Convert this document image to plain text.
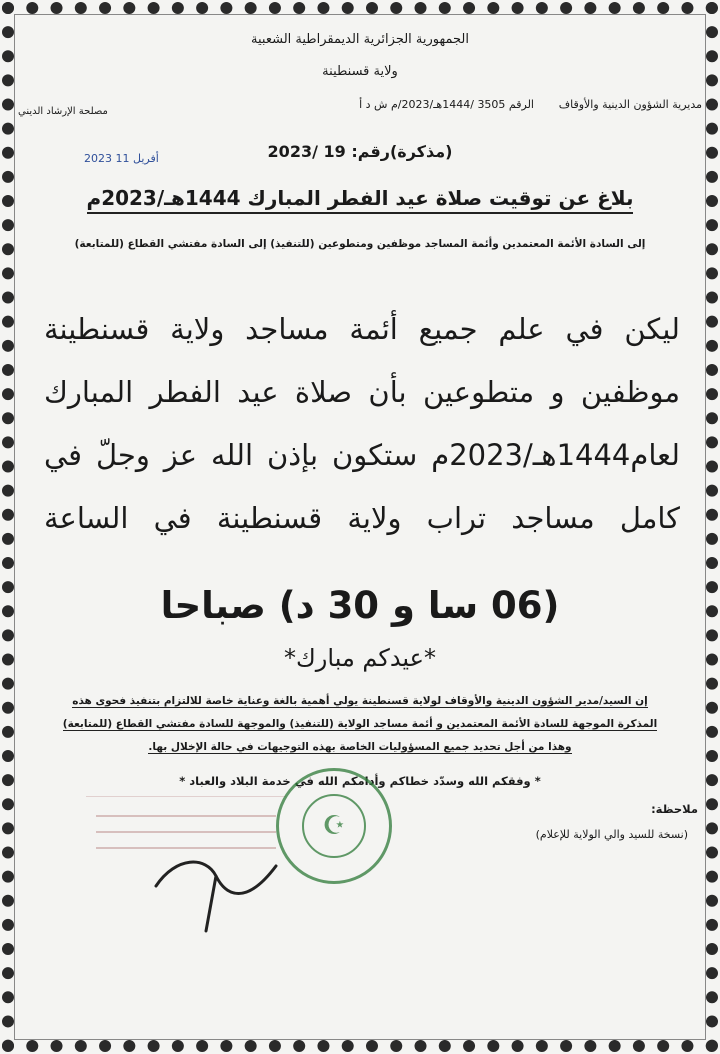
الجمهورية الجزائرية الديمقراطية الشعبية
ولاية قسنطينة
مديرية الشؤون الدينية والأوقاف
الرقم 3505 /1444هـ/2023/م ش د أ
مصلحة الإرشاد الديني
2023 أفريل 11	(مذكرة)رقم: 19 /2023
بلاغ عن توقيت صلاة عيد الفطر المبارك 1444هـ/2023م
إلى السادة الأئمة المعتمدين وأئمة المساجد موظفين ومتطوعين (للتنفيذ) إلى السادة مفتشي القطاع (للمتابعة)
ليكن في علم جميع أئمة مساجد ولاية قسنطينة موظفين و متطوعين بأن صلاة عيد الفطر المبارك لعام1444هـ/2023م ستكون بإذن الله عز وجلّ في كامل مساجد تراب ولاية قسنطينة في الساعة
(06 سا و 30 د) صباحا
*عيدكم مبارك*
إن السيد/مدير الشؤون الدينية والأوقاف لولاية قسنطينة يولي أهمية بالغة وعناية خاصة للالتزام بتنفيذ فحوى هذه
المذكرة الموجهة للسادة الأئمة المعتمدين و أئمة مساجد الولاية (للتنفيذ) والموجهة للسادة مفتشي القطاع (للمتابعة)
وهذا من أجل تحديد جميع المسؤوليات الخاصة بهذه التوجيهات في حالة الإخلال بها.
* وفقكم الله وسدّد خطاكم وأدامكم الله في خدمة البلاد والعباد *
ملاحظة:
(نسخة للسيد والي الولاية للإعلام)
☪
